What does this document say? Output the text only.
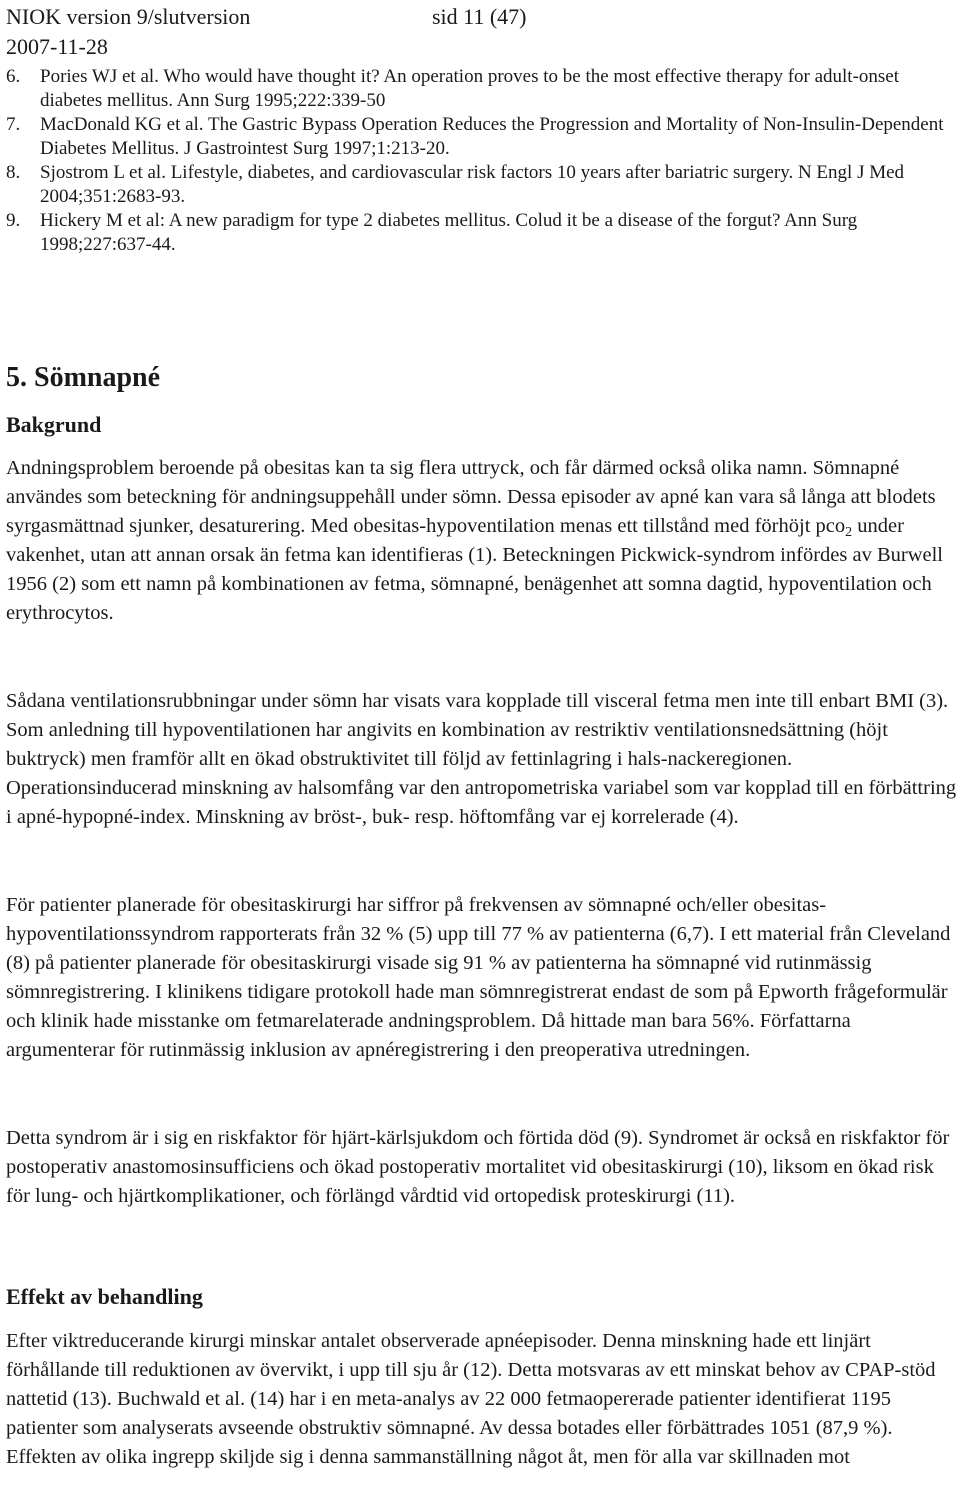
NIOK version 9/slutversion	sid 11 (47)
2007-11-28
6. Pories WJ et al. Who would have thought it? An operation proves to be the most effective therapy for adult-onset diabetes mellitus. Ann Surg 1995;222:339-50
7. MacDonald KG et al. The Gastric Bypass Operation Reduces the Progression and Mortality of Non-Insulin-Dependent Diabetes Mellitus. J Gastrointest Surg 1997;1:213-20.
8. Sjostrom L et al. Lifestyle, diabetes, and cardiovascular risk factors 10 years after bariatric surgery. N Engl J Med 2004;351:2683-93.
9. Hickery M et al: A new paradigm for type 2 diabetes mellitus. Colud it be a disease of the forgut? Ann Surg 1998;227:637-44.
5. Sömnapné
Bakgrund

Andningsproblem beroende på obesitas kan ta sig flera uttryck, och får därmed också olika namn. Sömnapné användes som beteckning för andningsuppehåll under sömn. Dessa episoder av apné kan vara så långa att blodets syrgasmättnad sjunker, desaturering. Med obesitas-hypoventilation menas ett tillstånd med förhöjt pco$_2$ under vakenhet, utan att annan orsak än fetma kan identifieras (1). Beteckningen Pickwick-syndrom infördes av Burwell 1956 (2) som ett namn på kombinationen av fetma, sömnapné, benägenhet att somna dagtid, hypoventilation och erythrocytos.

Sådana ventilationsrubbningar under sömn har visats vara kopplade till visceral fetma men inte till enbart BMI (3). Som anledning till hypoventilationen har angivits en kombination av restriktiv ventilationsnedsättning (höjt buktryck) men framför allt en ökad obstruktivitet till följd av fettinlagring i hals-nackeregionen. Operationsinducerad minskning av halsomfång var den antropometriska variabel som var kopplad till en förbättring i apné-hypopné-index. Minskning av bröst-, buk- resp. höftomfång var ej korrelerade (4).

För patienter planerade för obesitaskirurgi har siffror på frekvensen av sömnapné och/eller obesitas-hypoventilationssyndrom rapporterats från 32 % (5) upp till 77 % av patienterna (6,7). I ett material från Cleveland (8) på patienter planerade för obesitaskirurgi visade sig 91 % av patienterna ha sömnapné vid rutinmässig sömnregistrering. I klinikens tidigare protokoll hade man sömnregistrerat endast de som på Epworth frågeformulär och klinik hade misstanke om fetmarelaterade andningsproblem. Då hittade man bara 56%. Författarna argumenterar för rutinmässig inklusion av apnéregistrering i den preoperativa utredningen.

Detta syndrom är i sig en riskfaktor för hjärt-kärlsjukdom och förtida död (9). Syndromet är också en riskfaktor för postoperativ anastomosinsufficiens och ökad postoperativ mortalitet vid obesitaskirurgi (10), liksom en ökad risk för lung- och hjärtkomplikationer, och förlängd vårdtid vid ortopedisk proteskirurgi (11).

Effekt av behandling

Efter viktreducerande kirurgi minskar antalet observerade apnéepisoder. Denna minskning hade ett linjärt förhållande till reduktionen av övervikt, i upp till sju år (12). Detta motsvaras av ett minskat behov av CPAP-stöd nattetid (13). Buchwald et al. (14) har i en meta-analys av 22 000 fetmaopererade patienter identifierat 1195 patienter som analyserats avseende obstruktiv sömnapné. Av dessa botades eller förbättrades 1051 (87,9 %). Effekten av olika ingrepp skiljde sig i denna sammanställning något åt, men för alla var skillnaden mot
